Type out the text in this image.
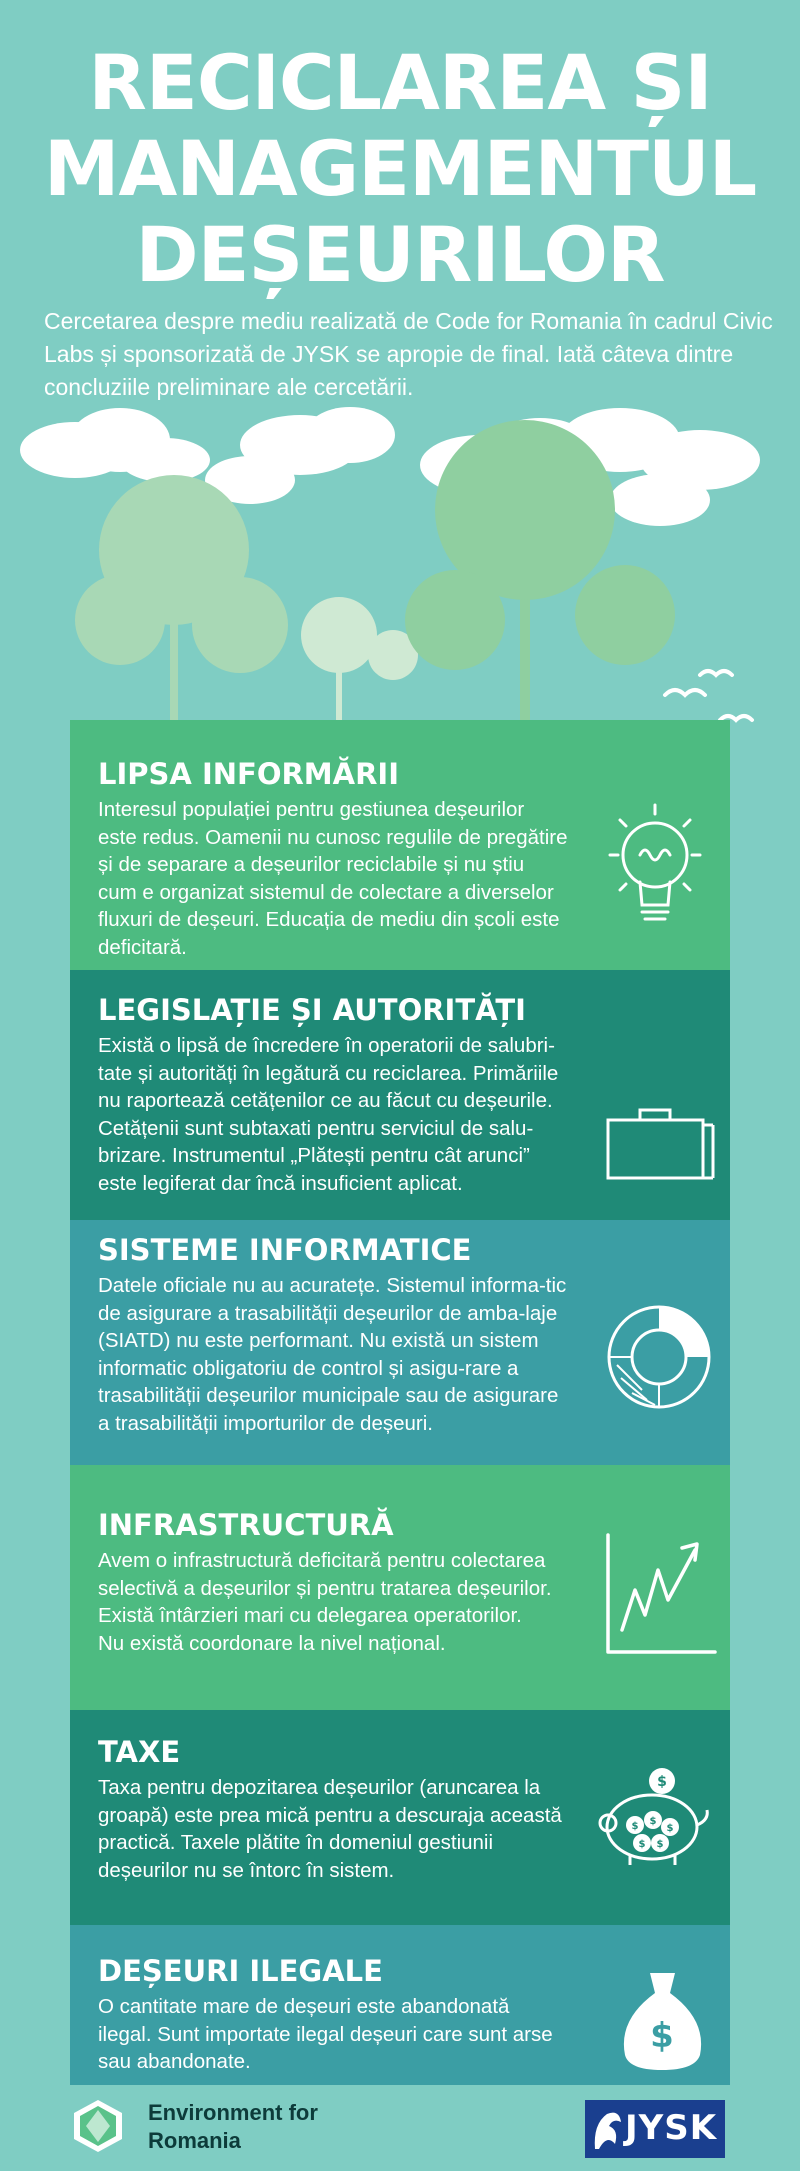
RECICLAREA ȘI
MANAGEMENTUL
DEȘEURILOR
Cercetarea despre mediu realizată de Code for Romania în cadrul Civic Labs și sponsorizată de JYSK se apropie de final. Iată câteva dintre concluziile preliminare ale cercetării.
LIPSA INFORMĂRII
Interesul populației pentru gestiunea deșeurilor este redus. Oamenii nu cunosc regulile de pregătire și de separare a deșeurilor reciclabile și nu știu cum e organizat sistemul de colectare a diverselor fluxuri de deșeuri. Educația de mediu din școli este deficitară.
LEGISLAȚIE ȘI AUTORITĂȚI
Există o lipsă de încredere în operatorii de salubri-tate și autorități în legătură cu reciclarea. Primăriile nu raportează cetățenilor ce au făcut cu deșeurile. Cetățenii sunt subtaxati pentru serviciul de salu-brizare. Instrumentul „Plătești pentru cât arunci” este legiferat dar încă insuficient aplicat.
SISTEME INFORMATICE
Datele oficiale nu au acuratețe. Sistemul informa-tic de asigurare a trasabilității deșeurilor de amba-laje (SIATD) nu este performant. Nu există un sistem informatic obligatoriu de control și asigu-rare a trasabilității deșeurilor municipale sau de asigurare a trasabilității importurilor de deșeuri.
INFRASTRUCTURĂ
Avem o infrastructură deficitară pentru colectarea selectivă a deșeurilor și pentru tratarea deșeurilor. Există întârzieri mari cu delegarea operatorilor.
Nu există coordonare la nivel național.
TAXE
Taxa pentru depozitarea deșeurilor (aruncarea la groapă) este prea mică pentru a descuraja această practică. Taxele plătite în domeniul gestiunii deșeurilor nu se întorc în sistem.
$
$ $
$
$ $
DEȘEURI ILEGALE
O cantitate mare de deșeuri este abandonată ilegal. Sunt importate ilegal deșeuri care sunt arse sau abandonate.
$
Environment for
Romania	JYSK
